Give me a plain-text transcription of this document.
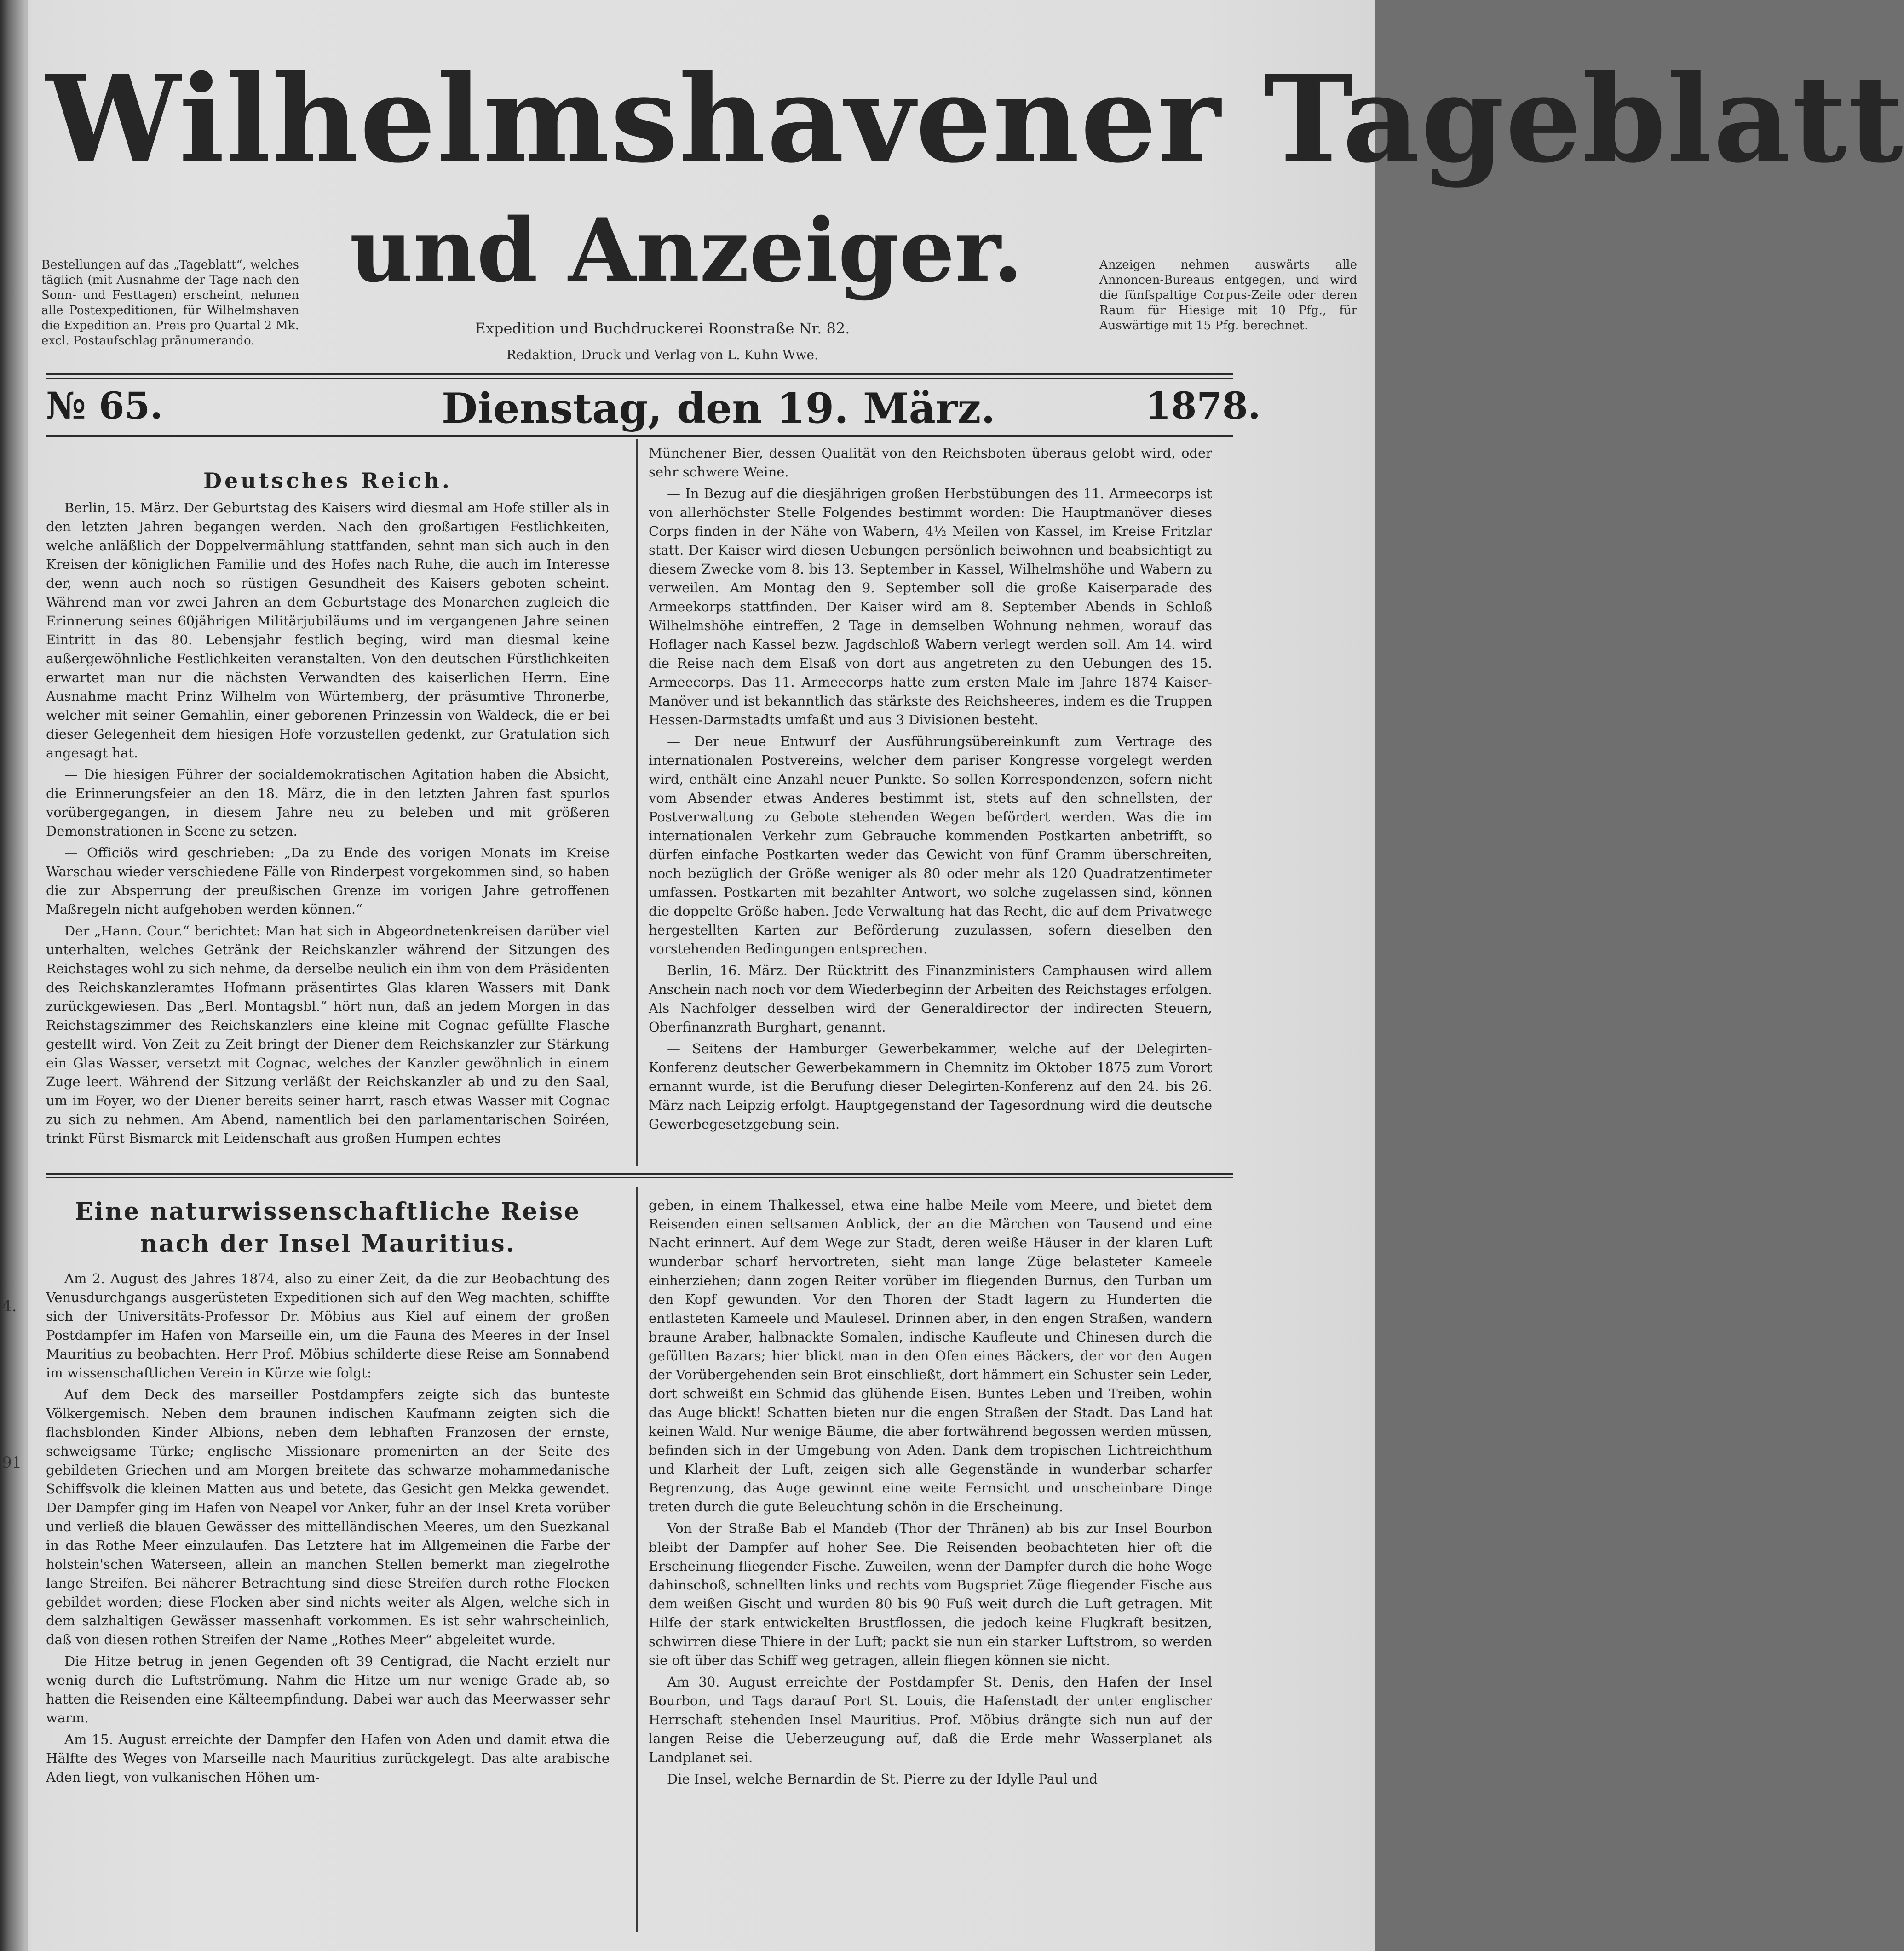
4.
91
Wilhelmshavener Tageblatt
und Anzeiger.
Bestellungen auf das „Tageblatt“, welches täglich (mit Ausnahme der Tage nach den Sonn- und Festtagen) erscheint, nehmen alle Postexpeditionen, für Wilhelmshaven die Expedition an. Preis pro Quartal 2 Mk. excl. Postaufschlag pränumerando.
Anzeigen nehmen auswärts alle Annoncen-Bureaus entgegen, und wird die fünfspaltige Corpus-Zeile oder deren Raum für Hiesige mit 10 Pfg., für Auswärtige mit 15 Pfg. berechnet.
Expedition und Buchdruckerei Roonstraße Nr. 82.
Redaktion, Druck und Verlag von L. Kuhn Wwe.
№ 65.	Dienstag, den 19. März.	1878.
Deutsches Reich.

Berlin, 15. März. Der Geburtstag des Kaisers wird diesmal am Hofe stiller als in den letzten Jahren begangen werden. Nach den großartigen Festlichkeiten, welche anläßlich der Doppelvermählung stattfanden, sehnt man sich auch in den Kreisen der königlichen Familie und des Hofes nach Ruhe, die auch im Interesse der, wenn auch noch so rüstigen Gesundheit des Kaisers geboten scheint. Während man vor zwei Jahren an dem Geburtstage des Monarchen zugleich die Erinnerung seines 60jährigen Militärjubiläums und im vergangenen Jahre seinen Eintritt in das 80. Lebensjahr festlich beging, wird man diesmal keine außergewöhnliche Festlichkeiten veranstalten. Von den deutschen Fürstlichkeiten erwartet man nur die nächsten Verwandten des kaiserlichen Herrn. Eine Ausnahme macht Prinz Wilhelm von Würtemberg, der präsumtive Thronerbe, welcher mit seiner Gemahlin, einer geborenen Prinzessin von Waldeck, die er bei dieser Gelegenheit dem hiesigen Hofe vorzustellen gedenkt, zur Gratulation sich angesagt hat.

— Die hiesigen Führer der socialdemokratischen Agitation haben die Absicht, die Erinnerungsfeier an den 18. März, die in den letzten Jahren fast spurlos vorübergegangen, in diesem Jahre neu zu beleben und mit größeren Demonstrationen in Scene zu setzen.

— Officiös wird geschrieben: „Da zu Ende des vorigen Monats im Kreise Warschau wieder verschiedene Fälle von Rinderpest vorgekommen sind, so haben die zur Absperrung der preußischen Grenze im vorigen Jahre getroffenen Maßregeln nicht aufgehoben werden können.“

Der „Hann. Cour.“ berichtet: Man hat sich in Abgeordnetenkreisen darüber viel unterhalten, welches Getränk der Reichskanzler während der Sitzungen des Reichstages wohl zu sich nehme, da derselbe neulich ein ihm von dem Präsidenten des Reichskanzleramtes Hofmann präsentirtes Glas klaren Wassers mit Dank zurückgewiesen. Das „Berl. Montagsbl.“ hört nun, daß an jedem Morgen in das Reichstagszimmer des Reichskanzlers eine kleine mit Cognac gefüllte Flasche gestellt wird. Von Zeit zu Zeit bringt der Diener dem Reichskanzler zur Stärkung ein Glas Wasser, versetzt mit Cognac, welches der Kanzler gewöhnlich in einem Zuge leert. Während der Sitzung verläßt der Reichskanzler ab und zu den Saal, um im Foyer, wo der Diener bereits seiner harrt, rasch etwas Wasser mit Cognac zu sich zu nehmen. Am Abend, namentlich bei den parlamentarischen Soiréen, trinkt Fürst Bismarck mit Leidenschaft aus großen Humpen echtes

Münchener Bier, dessen Qualität von den Reichsboten überaus gelobt wird, oder sehr schwere Weine.

— In Bezug auf die diesjährigen großen Herbstübungen des 11. Armeecorps ist von allerhöchster Stelle Folgendes bestimmt worden: Die Hauptmanöver dieses Corps finden in der Nähe von Wabern, 4½ Meilen von Kassel, im Kreise Fritzlar statt. Der Kaiser wird diesen Uebungen persönlich beiwohnen und beabsichtigt zu diesem Zwecke vom 8. bis 13. September in Kassel, Wilhelmshöhe und Wabern zu verweilen. Am Montag den 9. September soll die große Kaiserparade des Armeekorps stattfinden. Der Kaiser wird am 8. September Abends in Schloß Wilhelmshöhe eintreffen, 2 Tage in demselben Wohnung nehmen, worauf das Hoflager nach Kassel bezw. Jagdschloß Wabern verlegt werden soll. Am 14. wird die Reise nach dem Elsaß von dort aus angetreten zu den Uebungen des 15. Armeecorps. Das 11. Armeecorps hatte zum ersten Male im Jahre 1874 Kaiser-Manöver und ist bekanntlich das stärkste des Reichsheeres, indem es die Truppen Hessen-Darmstadts umfaßt und aus 3 Divisionen besteht.

— Der neue Entwurf der Ausführungsübereinkunft zum Vertrage des internationalen Postvereins, welcher dem pariser Kongresse vorgelegt werden wird, enthält eine Anzahl neuer Punkte. So sollen Korrespondenzen, sofern nicht vom Absender etwas Anderes bestimmt ist, stets auf den schnellsten, der Postverwaltung zu Gebote stehenden Wegen befördert werden. Was die im internationalen Verkehr zum Gebrauche kommenden Postkarten anbetrifft, so dürfen einfache Postkarten weder das Gewicht von fünf Gramm überschreiten, noch bezüglich der Größe weniger als 80 oder mehr als 120 Quadratzentimeter umfassen. Postkarten mit bezahlter Antwort, wo solche zugelassen sind, können die doppelte Größe haben. Jede Verwaltung hat das Recht, die auf dem Privatwege hergestellten Karten zur Beförderung zuzulassen, sofern dieselben den vorstehenden Bedingungen entsprechen.

Berlin, 16. März. Der Rücktritt des Finanzministers Camphausen wird allem Anschein nach noch vor dem Wiederbeginn der Arbeiten des Reichstages erfolgen. Als Nachfolger desselben wird der Generaldirector der indirecten Steuern, Oberfinanzrath Burghart, genannt.

— Seitens der Hamburger Gewerbekammer, welche auf der Delegirten-Konferenz deutscher Gewerbekammern in Chemnitz im Oktober 1875 zum Vorort ernannt wurde, ist die Berufung dieser Delegirten-Konferenz auf den 24. bis 26. März nach Leipzig erfolgt. Hauptgegenstand der Tagesordnung wird die deutsche Gewerbegesetzgebung sein.

Eine naturwissenschaftliche Reise nach der Insel Mauritius.

Am 2. August des Jahres 1874, also zu einer Zeit, da die zur Beobachtung des Venusdurchgangs ausgerüsteten Expeditionen sich auf den Weg machten, schiffte sich der Universitäts-Professor Dr. Möbius aus Kiel auf einem der großen Postdampfer im Hafen von Marseille ein, um die Fauna des Meeres in der Insel Mauritius zu beobachten. Herr Prof. Möbius schilderte diese Reise am Sonnabend im wissenschaftlichen Verein in Kürze wie folgt:

Auf dem Deck des marseiller Postdampfers zeigte sich das bunteste Völkergemisch. Neben dem braunen indischen Kaufmann zeigten sich die flachsblonden Kinder Albions, neben dem lebhaften Franzosen der ernste, schweigsame Türke; englische Missionare promenirten an der Seite des gebildeten Griechen und am Morgen breitete das schwarze mohammedanische Schiffsvolk die kleinen Matten aus und betete, das Gesicht gen Mekka gewendet. Der Dampfer ging im Hafen von Neapel vor Anker, fuhr an der Insel Kreta vorüber und verließ die blauen Gewässer des mittelländischen Meeres, um den Suezkanal in das Rothe Meer einzulaufen. Das Letztere hat im Allgemeinen die Farbe der holstein'schen Waterseen, allein an manchen Stellen bemerkt man ziegelrothe lange Streifen. Bei näherer Betrachtung sind diese Streifen durch rothe Flocken gebildet worden; diese Flocken aber sind nichts weiter als Algen, welche sich in dem salzhaltigen Gewässer massenhaft vorkommen. Es ist sehr wahrscheinlich, daß von diesen rothen Streifen der Name „Rothes Meer“ abgeleitet wurde.

Die Hitze betrug in jenen Gegenden oft 39 Centigrad, die Nacht erzielt nur wenig durch die Luftströmung. Nahm die Hitze um nur wenige Grade ab, so hatten die Reisenden eine Kälteempfindung. Dabei war auch das Meerwasser sehr warm.

Am 15. August erreichte der Dampfer den Hafen von Aden und damit etwa die Hälfte des Weges von Marseille nach Mauritius zurückgelegt. Das alte arabische Aden liegt, von vulkanischen Höhen um-

geben, in einem Thalkessel, etwa eine halbe Meile vom Meere, und bietet dem Reisenden einen seltsamen Anblick, der an die Märchen von Tausend und eine Nacht erinnert. Auf dem Wege zur Stadt, deren weiße Häuser in der klaren Luft wunderbar scharf hervortreten, sieht man lange Züge belasteter Kameele einherziehen; dann zogen Reiter vorüber im fliegenden Burnus, den Turban um den Kopf gewunden. Vor den Thoren der Stadt lagern zu Hunderten die entlasteten Kameele und Maulesel. Drinnen aber, in den engen Straßen, wandern braune Araber, halbnackte Somalen, indische Kaufleute und Chinesen durch die gefüllten Bazars; hier blickt man in den Ofen eines Bäckers, der vor den Augen der Vorübergehenden sein Brot einschließt, dort hämmert ein Schuster sein Leder, dort schweißt ein Schmid das glühende Eisen. Buntes Leben und Treiben, wohin das Auge blickt! Schatten bieten nur die engen Straßen der Stadt. Das Land hat keinen Wald. Nur wenige Bäume, die aber fortwährend begossen werden müssen, befinden sich in der Umgebung von Aden. Dank dem tropischen Lichtreichthum und Klarheit der Luft, zeigen sich alle Gegenstände in wunderbar scharfer Begrenzung, das Auge gewinnt eine weite Fernsicht und unscheinbare Dinge treten durch die gute Beleuchtung schön in die Erscheinung.

Von der Straße Bab el Mandeb (Thor der Thränen) ab bis zur Insel Bourbon bleibt der Dampfer auf hoher See. Die Reisenden beobachteten hier oft die Erscheinung fliegender Fische. Zuweilen, wenn der Dampfer durch die hohe Woge dahinschoß, schnellten links und rechts vom Bugspriet Züge fliegender Fische aus dem weißen Gischt und wurden 80 bis 90 Fuß weit durch die Luft getragen. Mit Hilfe der stark entwickelten Brustflossen, die jedoch keine Flugkraft besitzen, schwirren diese Thiere in der Luft; packt sie nun ein starker Luftstrom, so werden sie oft über das Schiff weg getragen, allein fliegen können sie nicht.

Am 30. August erreichte der Postdampfer St. Denis, den Hafen der Insel Bourbon, und Tags darauf Port St. Louis, die Hafenstadt der unter englischer Herrschaft stehenden Insel Mauritius. Prof. Möbius drängte sich nun auf der langen Reise die Ueberzeugung auf, daß die Erde mehr Wasserplanet als Landplanet sei.

Die Insel, welche Bernardin de St. Pierre zu der Idylle Paul und
